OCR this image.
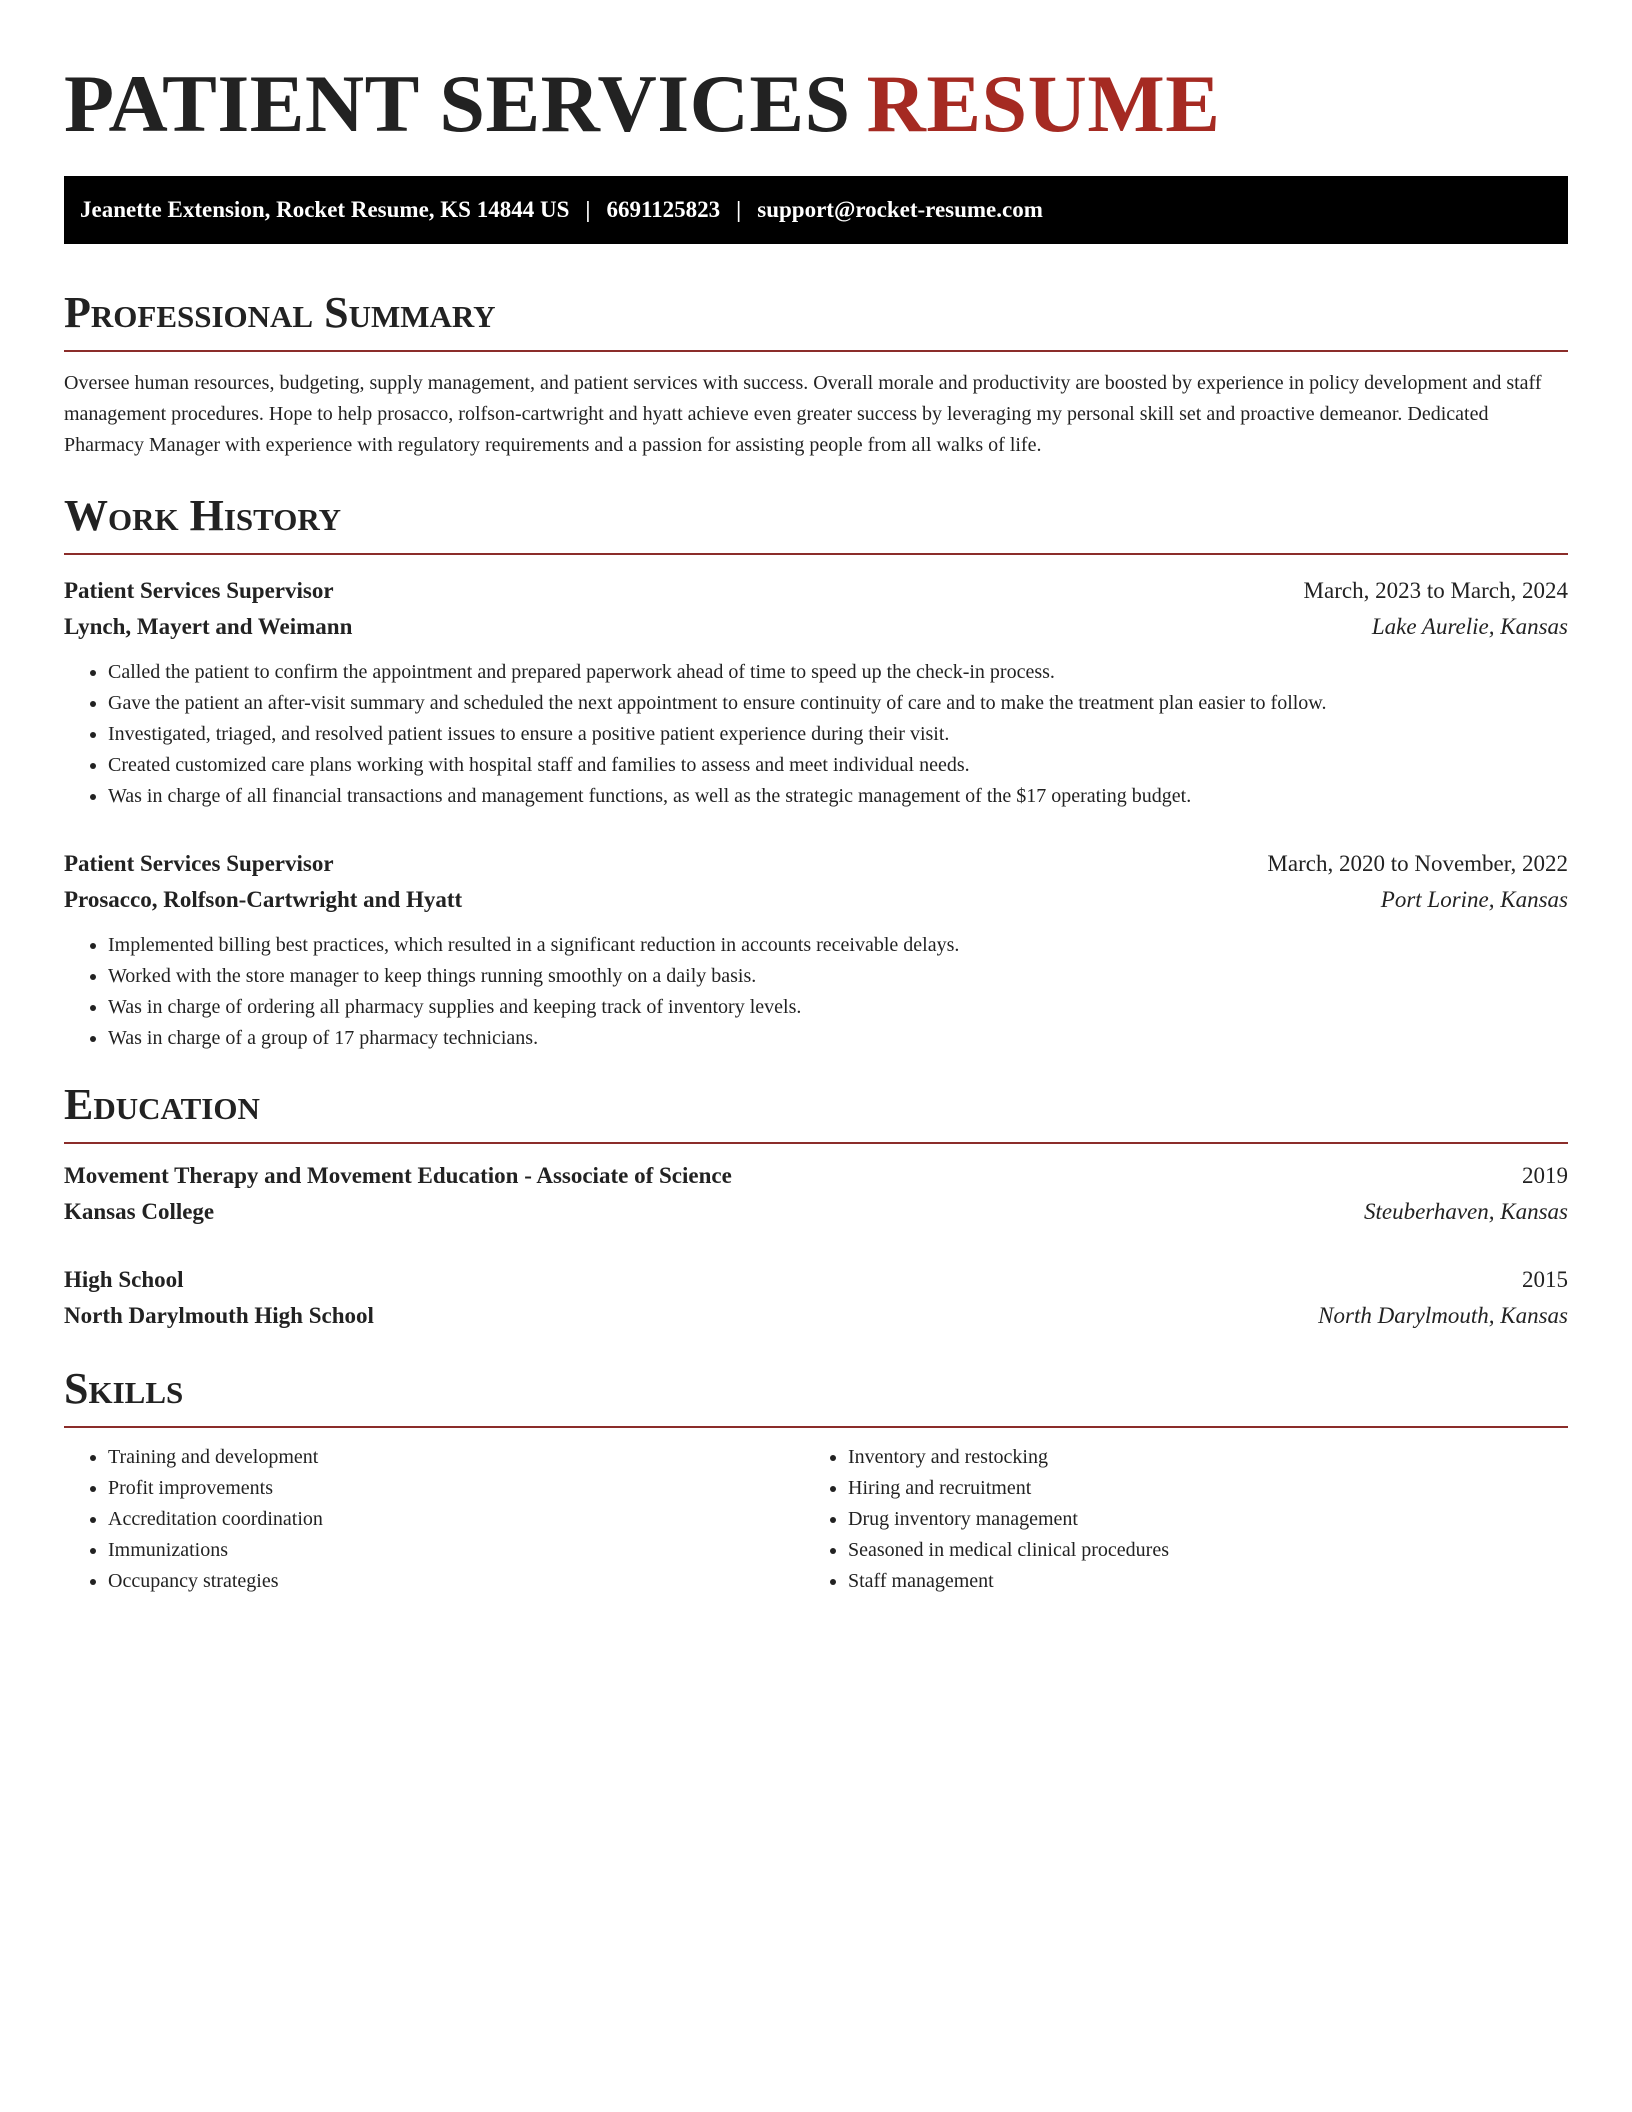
PATIENT SERVICES RESUME
Jeanette Extension, Rocket Resume, KS 14844 US | 6691125823 | support@rocket-resume.com
Professional Summary
Oversee human resources, budgeting, supply management, and patient services with success. Overall morale and productivity are boosted by experience in policy development and staff management procedures. Hope to help prosacco, rolfson-cartwright and hyatt achieve even greater success by leveraging my personal skill set and proactive demeanor. Dedicated Pharmacy Manager with experience with regulatory requirements and a passion for assisting people from all walks of life.
Work History
Patient Services Supervisor	March, 2023 to March, 2024
Lynch, Mayert and Weimann	Lake Aurelie, Kansas
• Called the patient to confirm the appointment and prepared paperwork ahead of time to speed up the check-in process.
• Gave the patient an after-visit summary and scheduled the next appointment to ensure continuity of care and to make the treatment plan easier to follow.
• Investigated, triaged, and resolved patient issues to ensure a positive patient experience during their visit.
• Created customized care plans working with hospital staff and families to assess and meet individual needs.
• Was in charge of all financial transactions and management functions, as well as the strategic management of the $17 operating budget.
Patient Services Supervisor	March, 2020 to November, 2022
Prosacco, Rolfson-Cartwright and Hyatt	Port Lorine, Kansas
• Implemented billing best practices, which resulted in a significant reduction in accounts receivable delays.
• Worked with the store manager to keep things running smoothly on a daily basis.
• Was in charge of ordering all pharmacy supplies and keeping track of inventory levels.
• Was in charge of a group of 17 pharmacy technicians.
Education
Movement Therapy and Movement Education - Associate of Science	2019
Kansas College	Steuberhaven, Kansas
High School	2015
North Darylmouth High School	North Darylmouth, Kansas
Skills
• Training and development
• Profit improvements
• Accreditation coordination
• Immunizations
• Occupancy strategies
• Inventory and restocking
• Hiring and recruitment
• Drug inventory management
• Seasoned in medical clinical procedures
• Staff management
